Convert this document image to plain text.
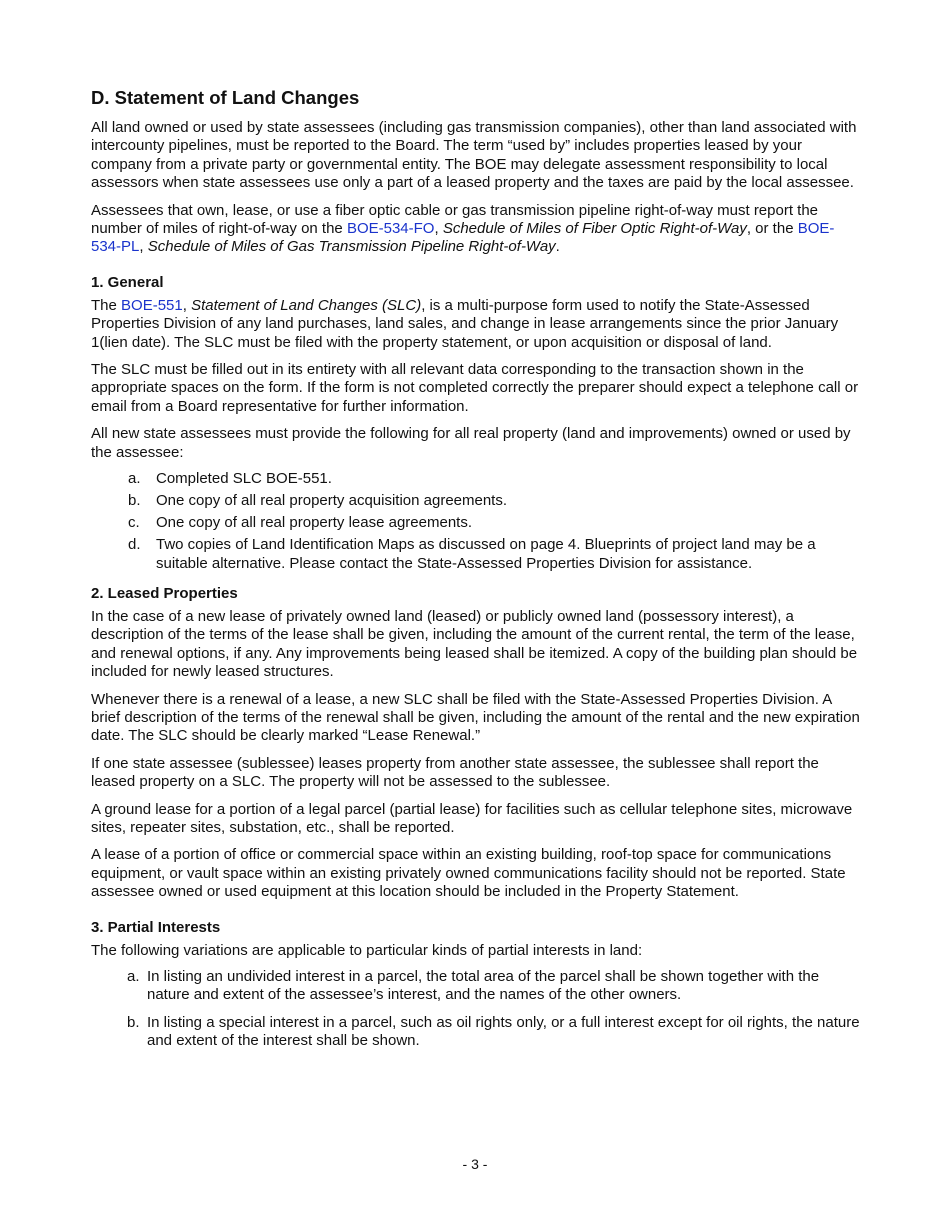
D. Statement of Land Changes

All land owned or used by state assessees (including gas transmission companies), other than land associated with intercounty pipelines, must be reported to the Board. The term “used by” includes properties leased by your company from a private party or governmental entity. The BOE may delegate assessment responsibility to local assessors when state assessees use only a part of a leased property and the taxes are paid by the local assessee.

Assessees that own, lease, or use a fiber optic cable or gas transmission pipeline right-of-way must report the number of miles of right-of-way on the BOE-534-FO, Schedule of Miles of Fiber Optic Right-of-Way, or the BOE-534-PL, Schedule of Miles of Gas Transmission Pipeline Right-of-Way.

1. General

The BOE-551, Statement of Land Changes (SLC), is a multi-purpose form used to notify the State-Assessed Properties Division of any land purchases, land sales, and change in lease arrangements since the prior January 1(lien date). The SLC must be filed with the property statement, or upon acquisition or disposal of land.

The SLC must be filled out in its entirety with all relevant data corresponding to the transaction shown in the appropriate spaces on the form. If the form is not completed correctly the preparer should expect a telephone call or email from a Board representative for further information.

All new state assessees must provide the following for all real property (land and improvements) owned or used by the assessee:

a. Completed SLC BOE-551.
b. One copy of all real property acquisition agreements.
c. One copy of all real property lease agreements.
d. Two copies of Land Identification Maps as discussed on page 4. Blueprints of project land may be a suitable alternative. Please contact the State-Assessed Properties Division for assistance.
2. Leased Properties

In the case of a new lease of privately owned land (leased) or publicly owned land (possessory interest), a description of the terms of the lease shall be given, including the amount of the current rental, the term of the lease, and renewal options, if any. Any improvements being leased shall be itemized. A copy of the building plan should be included for newly leased structures.

Whenever there is a renewal of a lease, a new SLC shall be filed with the State-Assessed Properties Division. A brief description of the terms of the renewal shall be given, including the amount of the rental and the new expiration date. The SLC should be clearly marked “Lease Renewal.”

If one state assessee (sublessee) leases property from another state assessee, the sublessee shall report the leased property on a SLC. The property will not be assessed to the sublessee.

A ground lease for a portion of a legal parcel (partial lease) for facilities such as cellular telephone sites, microwave sites, repeater sites, substation, etc., shall be reported.

A lease of a portion of office or commercial space within an existing building, roof-top space for communications equipment, or vault space within an existing privately owned communications facility should not be reported. State assessee owned or used equipment at this location should be included in the Property Statement.

3. Partial Interests

The following variations are applicable to particular kinds of partial interests in land:

a. In listing an undivided interest in a parcel, the total area of the parcel shall be shown together with the nature and extent of the assessee’s interest, and the names of the other owners.
b. In listing a special interest in a parcel, such as oil rights only, or a full interest except for oil rights, the nature and extent of the interest shall be shown.
- 3 -
